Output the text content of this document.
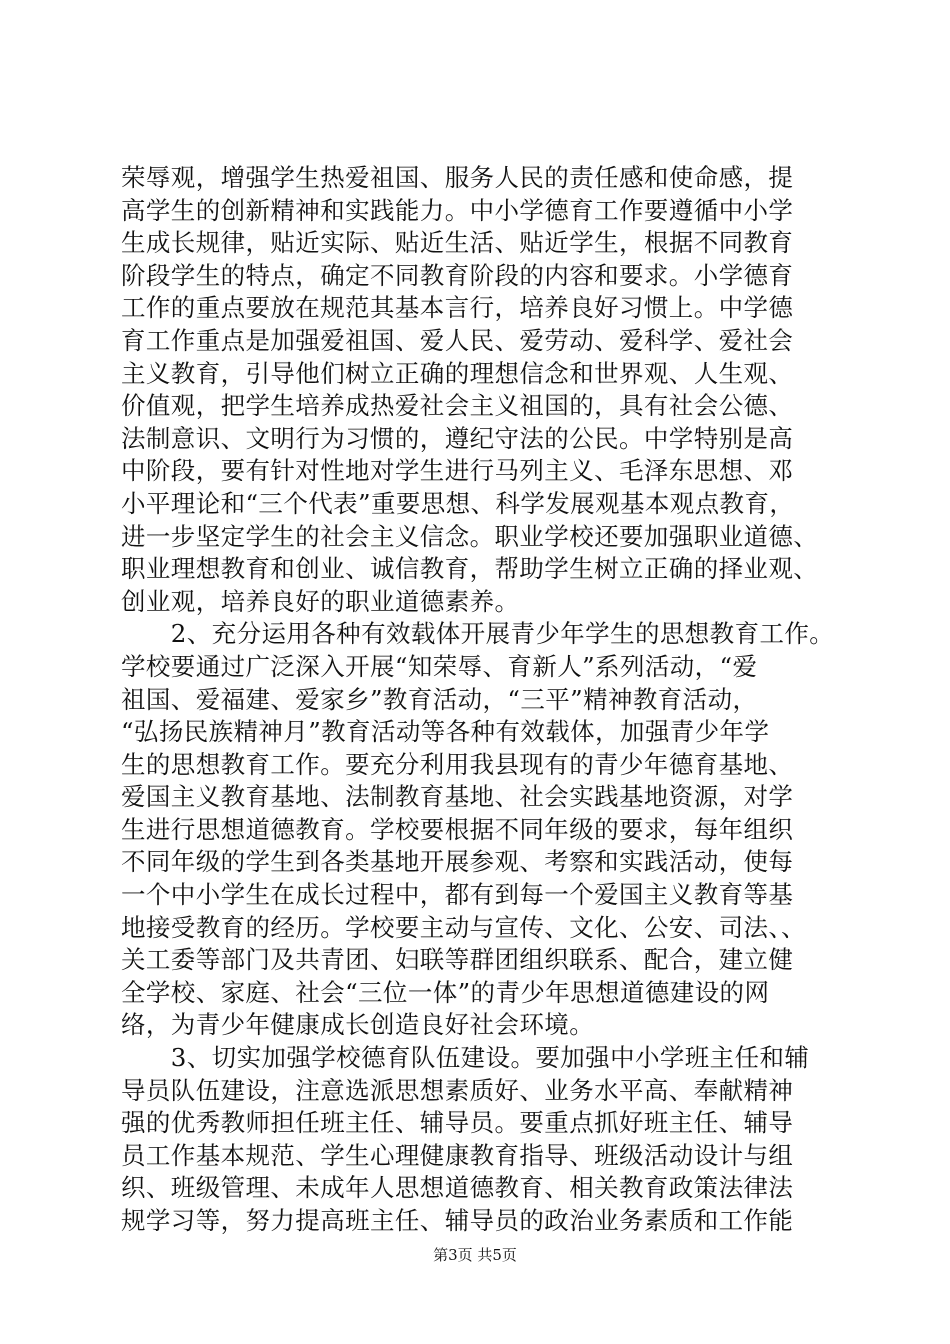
荣辱观，增强学生热爱祖国、服务人民的责任感和使命感，提
高学生的创新精神和实践能力。中小学德育工作要遵循中小学
生成长规律，贴近实际、贴近生活、贴近学生，根据不同教育
阶段学生的特点，确定不同教育阶段的内容和要求。小学德育
工作的重点要放在规范其基本言行，培养良好习惯上。中学德
育工作重点是加强爱祖国、爱人民、爱劳动、爱科学、爱社会
主义教育，引导他们树立正确的理想信念和世界观、人生观、
价值观，把学生培养成热爱社会主义祖国的，具有社会公德、
法制意识、文明行为习惯的，遵纪守法的公民。中学特别是高
中阶段，要有针对性地对学生进行马列主义、毛泽东思想、邓
小平理论和“三个代表”重要思想、科学发展观基本观点教育，
进一步坚定学生的社会主义信念。职业学校还要加强职业道德、
职业理想教育和创业、诚信教育，帮助学生树立正确的择业观、
创业观，培养良好的职业道德素养。
　　2、充分运用各种有效载体开展青少年学生的思想教育工作。
学校要通过广泛深入开展“知荣辱、育新人”系列活动，“爱
祖国、爱福建、爱家乡”教育活动，“三平”精神教育活动，
“弘扬民族精神月”教育活动等各种有效载体，加强青少年学
生的思想教育工作。要充分利用我县现有的青少年德育基地、
爱国主义教育基地、法制教育基地、社会实践基地资源，对学
生进行思想道德教育。学校要根据不同年级的要求，每年组织
不同年级的学生到各类基地开展参观、考察和实践活动，使每
一个中小学生在成长过程中，都有到每一个爱国主义教育等基
地接受教育的经历。学校要主动与宣传、文化、公安、司法、、
关工委等部门及共青团、妇联等群团组织联系、配合，建立健
全学校、家庭、社会“三位一体”的青少年思想道德建设的网
络，为青少年健康成长创造良好社会环境。
　　3、切实加强学校德育队伍建设。要加强中小学班主任和辅
导员队伍建设，注意选派思想素质好、业务水平高、奉献精神
强的优秀教师担任班主任、辅导员。要重点抓好班主任、辅导
员工作基本规范、学生心理健康教育指导、班级活动设计与组
织、班级管理、未成年人思想道德教育、相关教育政策法律法
规学习等，努力提高班主任、辅导员的政治业务素质和工作能
第3页 共5页
